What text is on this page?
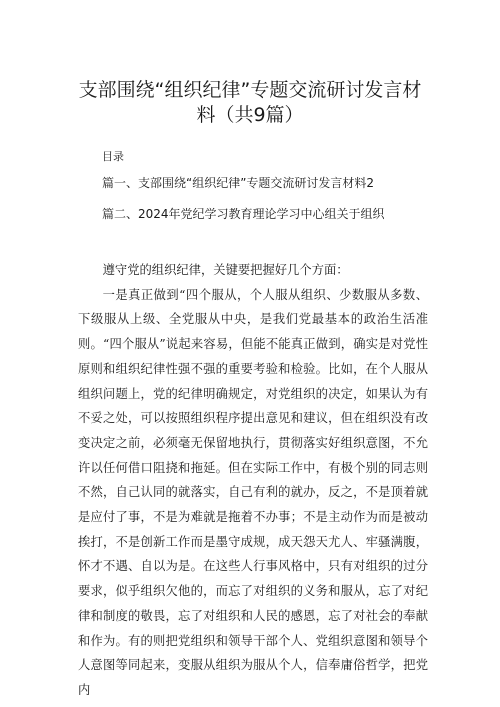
支部围绕“组织纪律”专题交流研讨发言材
料（共9篇）
目录
篇一、支部围绕“组织纪律”专题交流研讨发言材料2
篇二、2024年党纪学习教育理论学习中心组关于组织

遵守党的组织纪律，关键要把握好几个方面：

一是真正做到“四个服从，个人服从组织、少数服从多数、下级服从上级、全党服从中央，是我们党最基本的政治生活准则。“四个服从”说起来容易，但能不能真正做到，确实是对党性原则和组织纪律性强不强的重要考验和检验。比如，在个人服从组织问题上，党的纪律明确规定，对党组织的决定，如果认为有不妥之处，可以按照组织程序提出意见和建议，但在组织没有改变决定之前，必须毫无保留地执行，贯彻落实好组织意图，不允许以任何借口阻挠和拖延。但在实际工作中，有极个别的同志则不然，自己认同的就落实，自己有利的就办，反之，不是顶着就是应付了事，不是为难就是拖着不办事；不是主动作为而是被动挨打，不是创新工作而是墨守成规，成天怨天尤人、牢骚满腹，怀才不遇、自以为是。在这些人行事风格中，只有对组织的过分要求，似乎组织欠他的，而忘了对组织的义务和服从，忘了对纪律和制度的敬畏，忘了对组织和人民的感恩，忘了对社会的奉献和作为。有的则把党组织和领导干部个人、党组织意图和领导个人意图等同起来，变服从组织为服从个人，信奉庸俗哲学，把党内
